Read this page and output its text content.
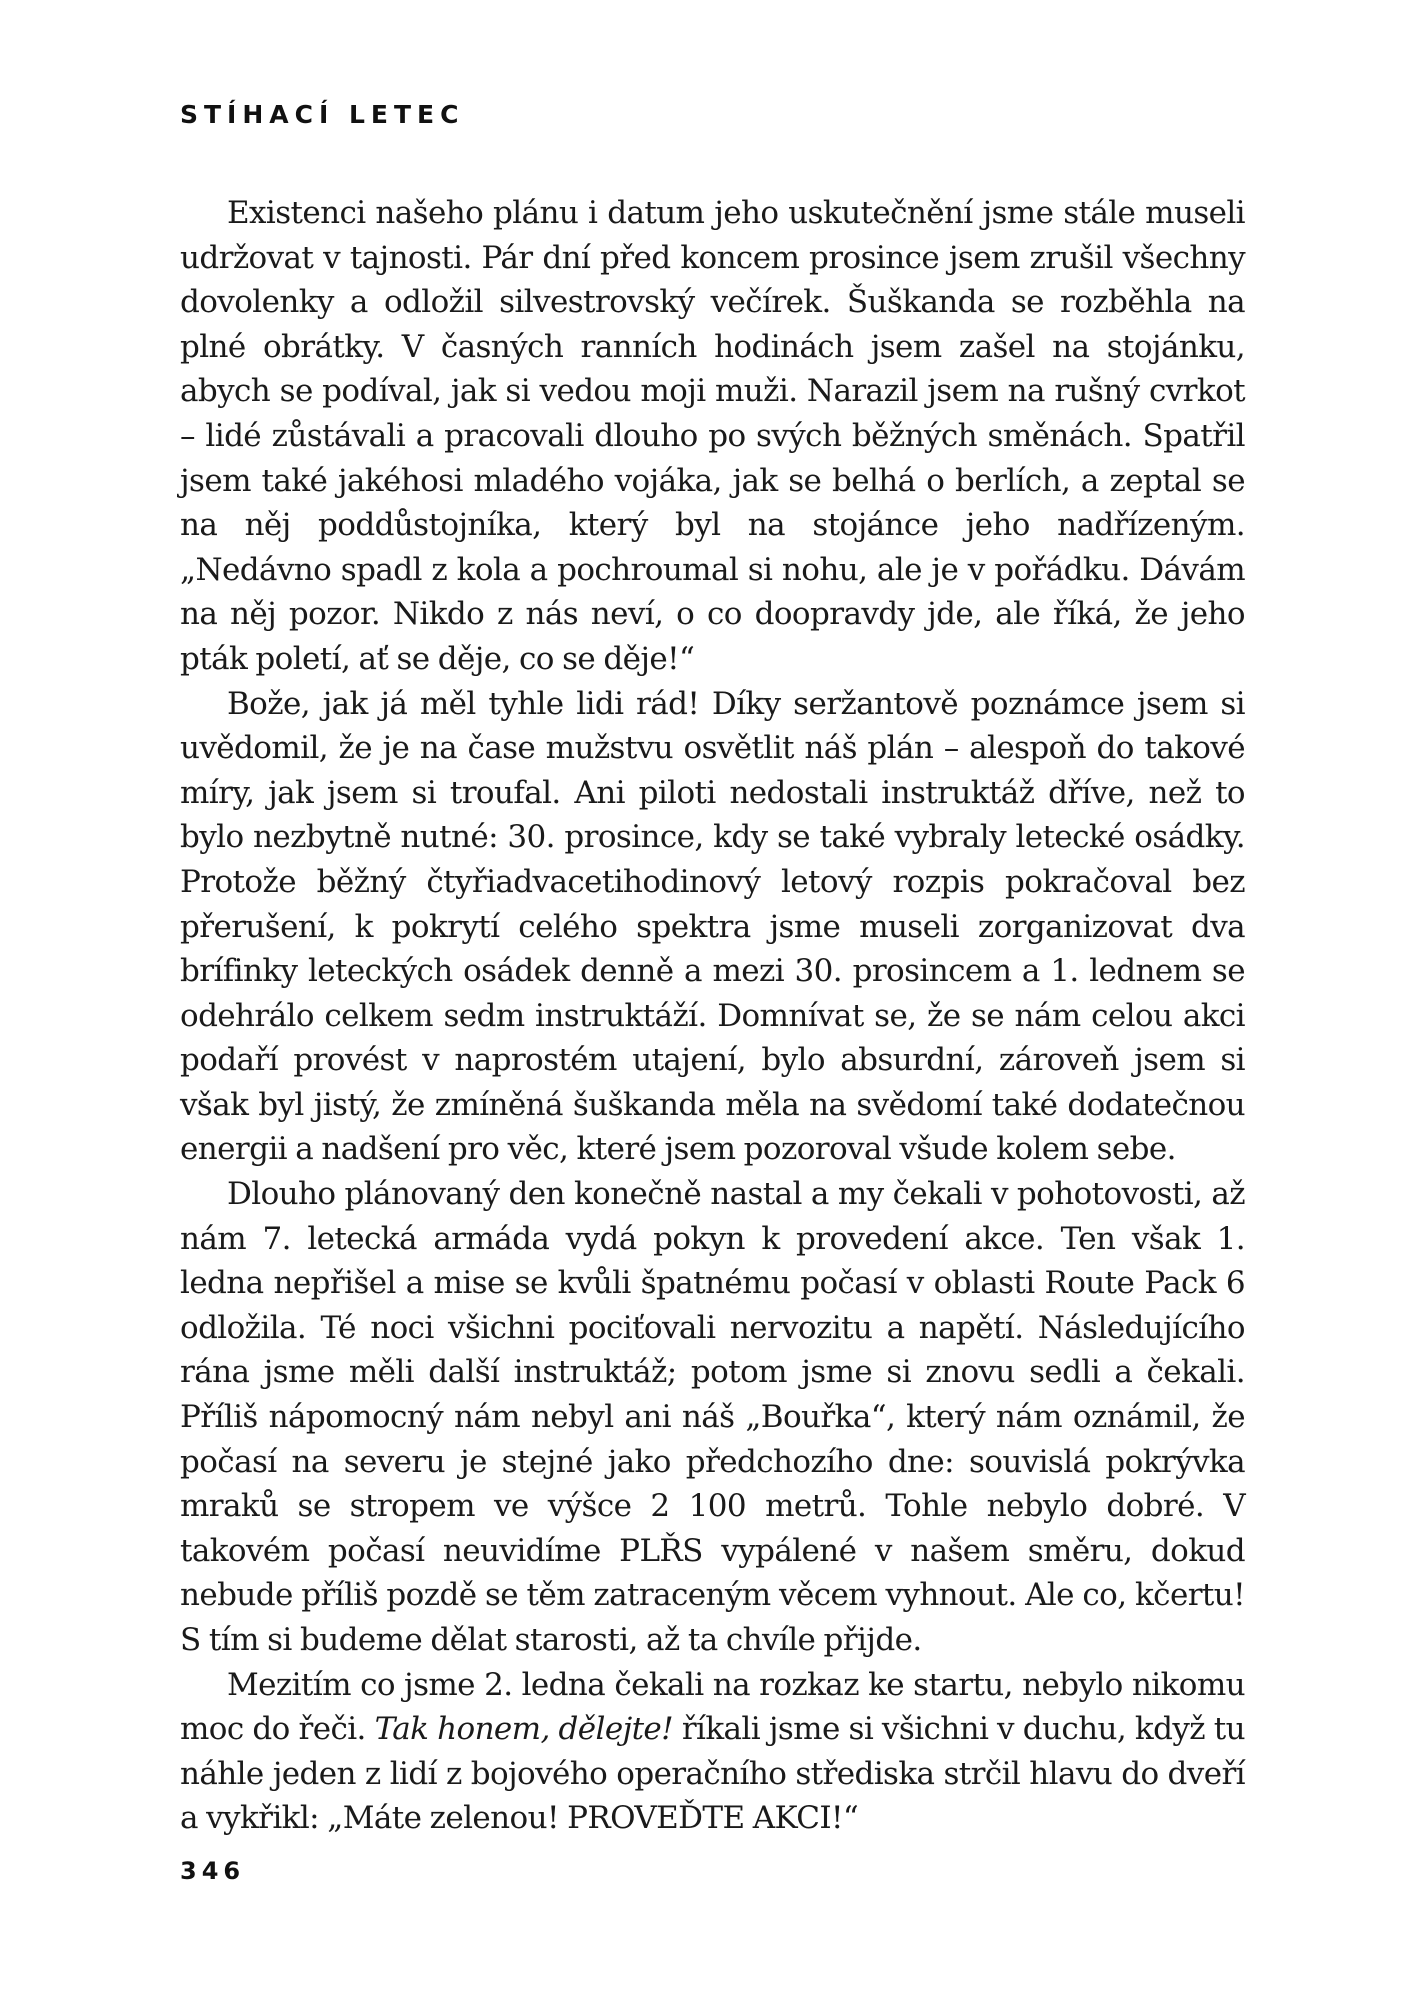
STÍHACÍ LETEC

Existenci našeho plánu i datum jeho uskutečnění jsme stále museli udržovat v tajnosti. Pár dní před koncem prosince jsem zrušil všechny dovolenky a odložil silvestrovský večírek. Šuškanda se rozběhla na plné obrátky. V časných ranních hodinách jsem zašel na stojánku, abych se podíval, jak si vedou moji muži. Narazil jsem na rušný cvrkot – lidé zůstávali a pracovali dlouho po svých běžných směnách. Spatřil jsem také jakéhosi mladého vojáka, jak se belhá o berlích, a zeptal se na něj poddůstojníka, který byl na stojánce jeho nadřízeným. „Nedávno spadl z kola a pochroumal si nohu, ale je v pořádku. Dávám na něj pozor. Nikdo z nás neví, o co doopravdy jde, ale říká, že jeho pták poletí, ať se děje, co se děje!“

Bože, jak já měl tyhle lidi rád! Díky seržantově poznámce jsem si uvědomil, že je na čase mužstvu osvětlit náš plán – alespoň do takové míry, jak jsem si troufal. Ani piloti nedostali instruktáž dříve, než to bylo nezbytně nutné: 30. prosince, kdy se také vybraly letecké osádky. Protože běžný čtyřiadvacetihodinový letový rozpis pokračoval bez přerušení, k pokrytí celého spektra jsme museli zorganizovat dva brífinky leteckých osádek denně a mezi 30. prosincem a 1. lednem se odehrálo celkem sedm instruktáží. Domnívat se, že se nám celou akci podaří provést v naprostém utajení, bylo absurdní, zároveň jsem si však byl jistý, že zmíněná šuškanda měla na svědomí také dodatečnou energii a nadšení pro věc, které jsem pozoroval všude kolem sebe.

Dlouho plánovaný den konečně nastal a my čekali v pohotovosti, až nám 7. letecká armáda vydá pokyn k provedení akce. Ten však 1. ledna nepřišel a mise se kvůli špatnému počasí v oblasti Route Pack 6 odložila. Té noci všichni pociťovali nervozitu a napětí. Následujícího rána jsme měli další instruktáž; potom jsme si znovu sedli a čekali. Příliš nápomocný nám nebyl ani náš „Bouřka“, který nám oznámil, že počasí na severu je stejné jako předchozího dne: souvislá pokrývka mraků se stropem ve výšce 2 100 metrů. Tohle nebylo dobré. V takovém počasí neuvidíme PLŘS vypálené v našem směru, dokud nebude příliš pozdě se těm zatraceným věcem vyhnout. Ale co, kčertu! S tím si budeme dělat starosti, až ta chvíle přijde.

Mezitím co jsme 2. ledna čekali na rozkaz ke startu, nebylo nikomu moc do řeči. Tak honem, dělejte! říkali jsme si všichni v duchu, když tu náhle jeden z lidí z bojového operačního střediska strčil hlavu do dveří a vykřikl: „Máte zelenou! PROVEĎTE AKCI!“

346
